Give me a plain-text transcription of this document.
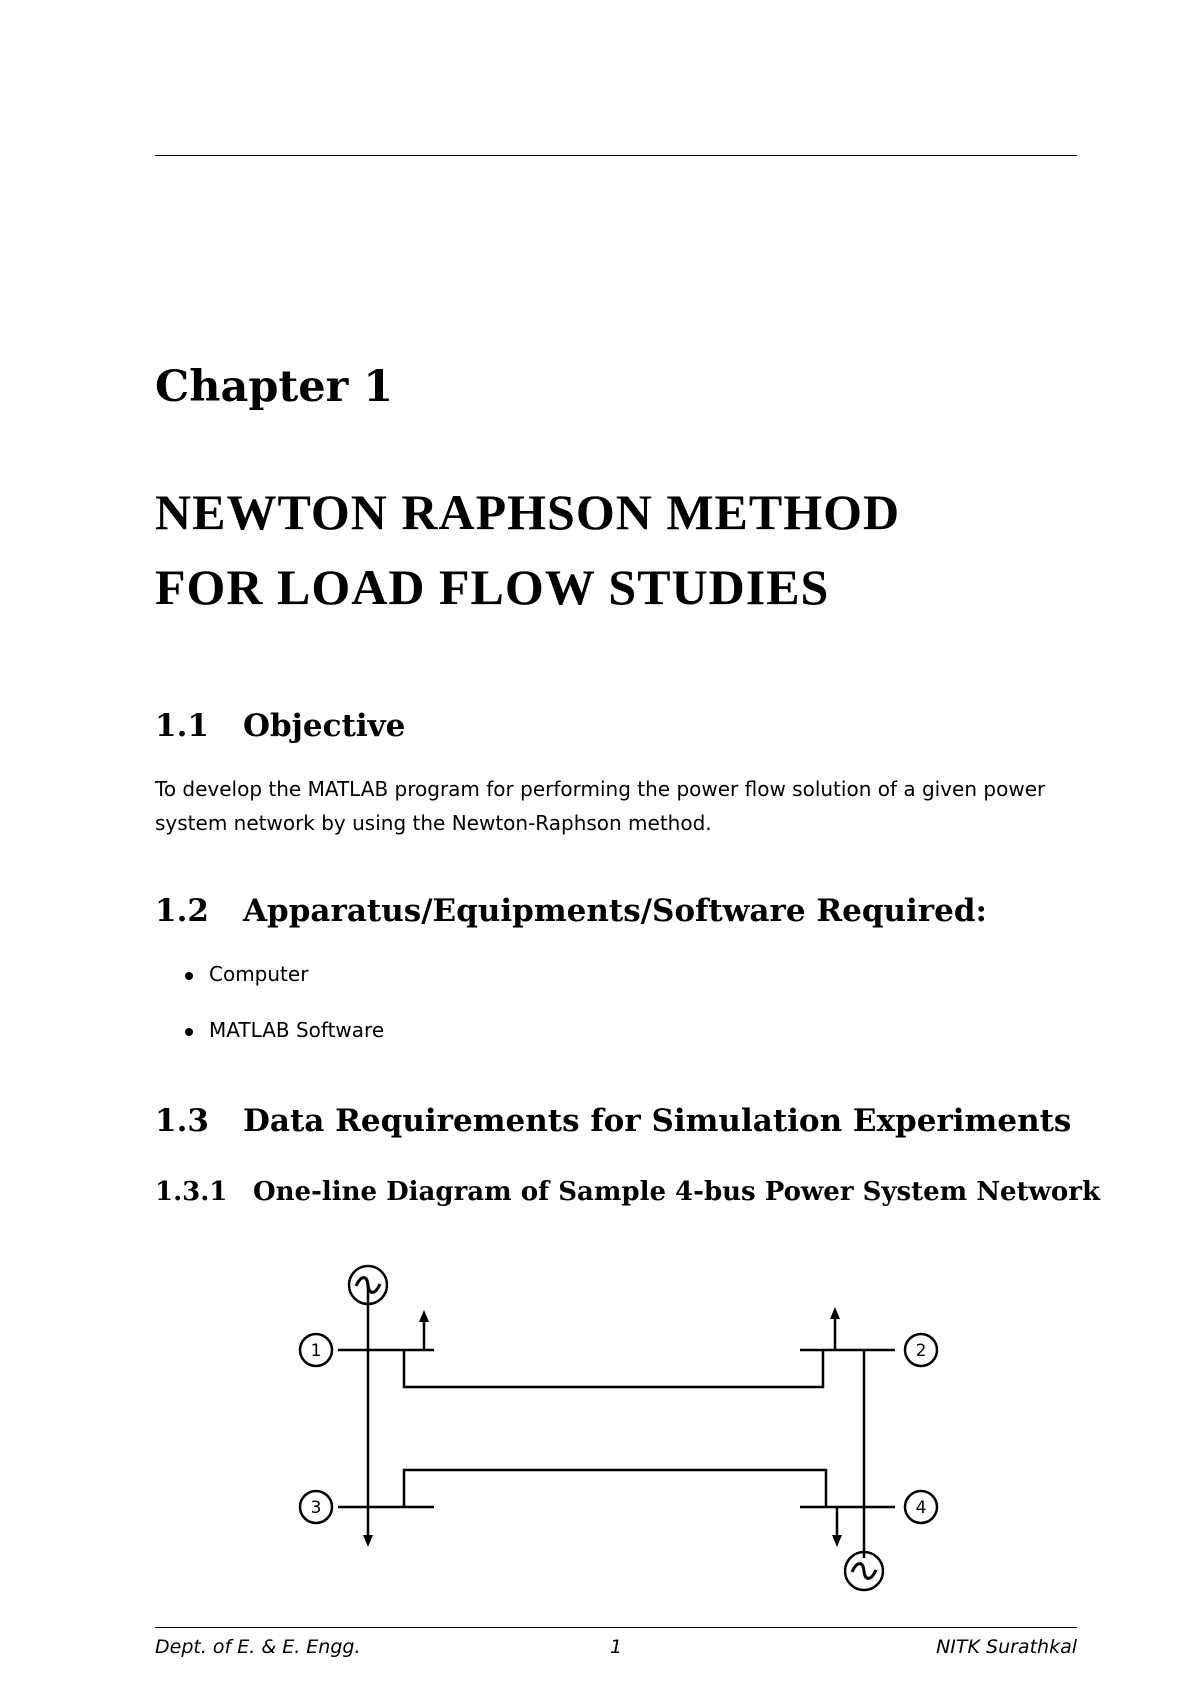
Chapter 1
NEWTON RAPHSON METHOD
FOR LOAD FLOW STUDIES
1.1 Objective
To develop the MATLAB program for performing the power flow solution of a given power system network by using the Newton-Raphson method.
1.2 Apparatus/Equipments/Software Required:
Computer
MATLAB Software
1.3 Data Requirements for Simulation Experiments
1.3.1 One-line Diagram of Sample 4-bus Power System Network
1	2
3	4
Dept. of E. & E. Engg.	1	NITK Surathkal
